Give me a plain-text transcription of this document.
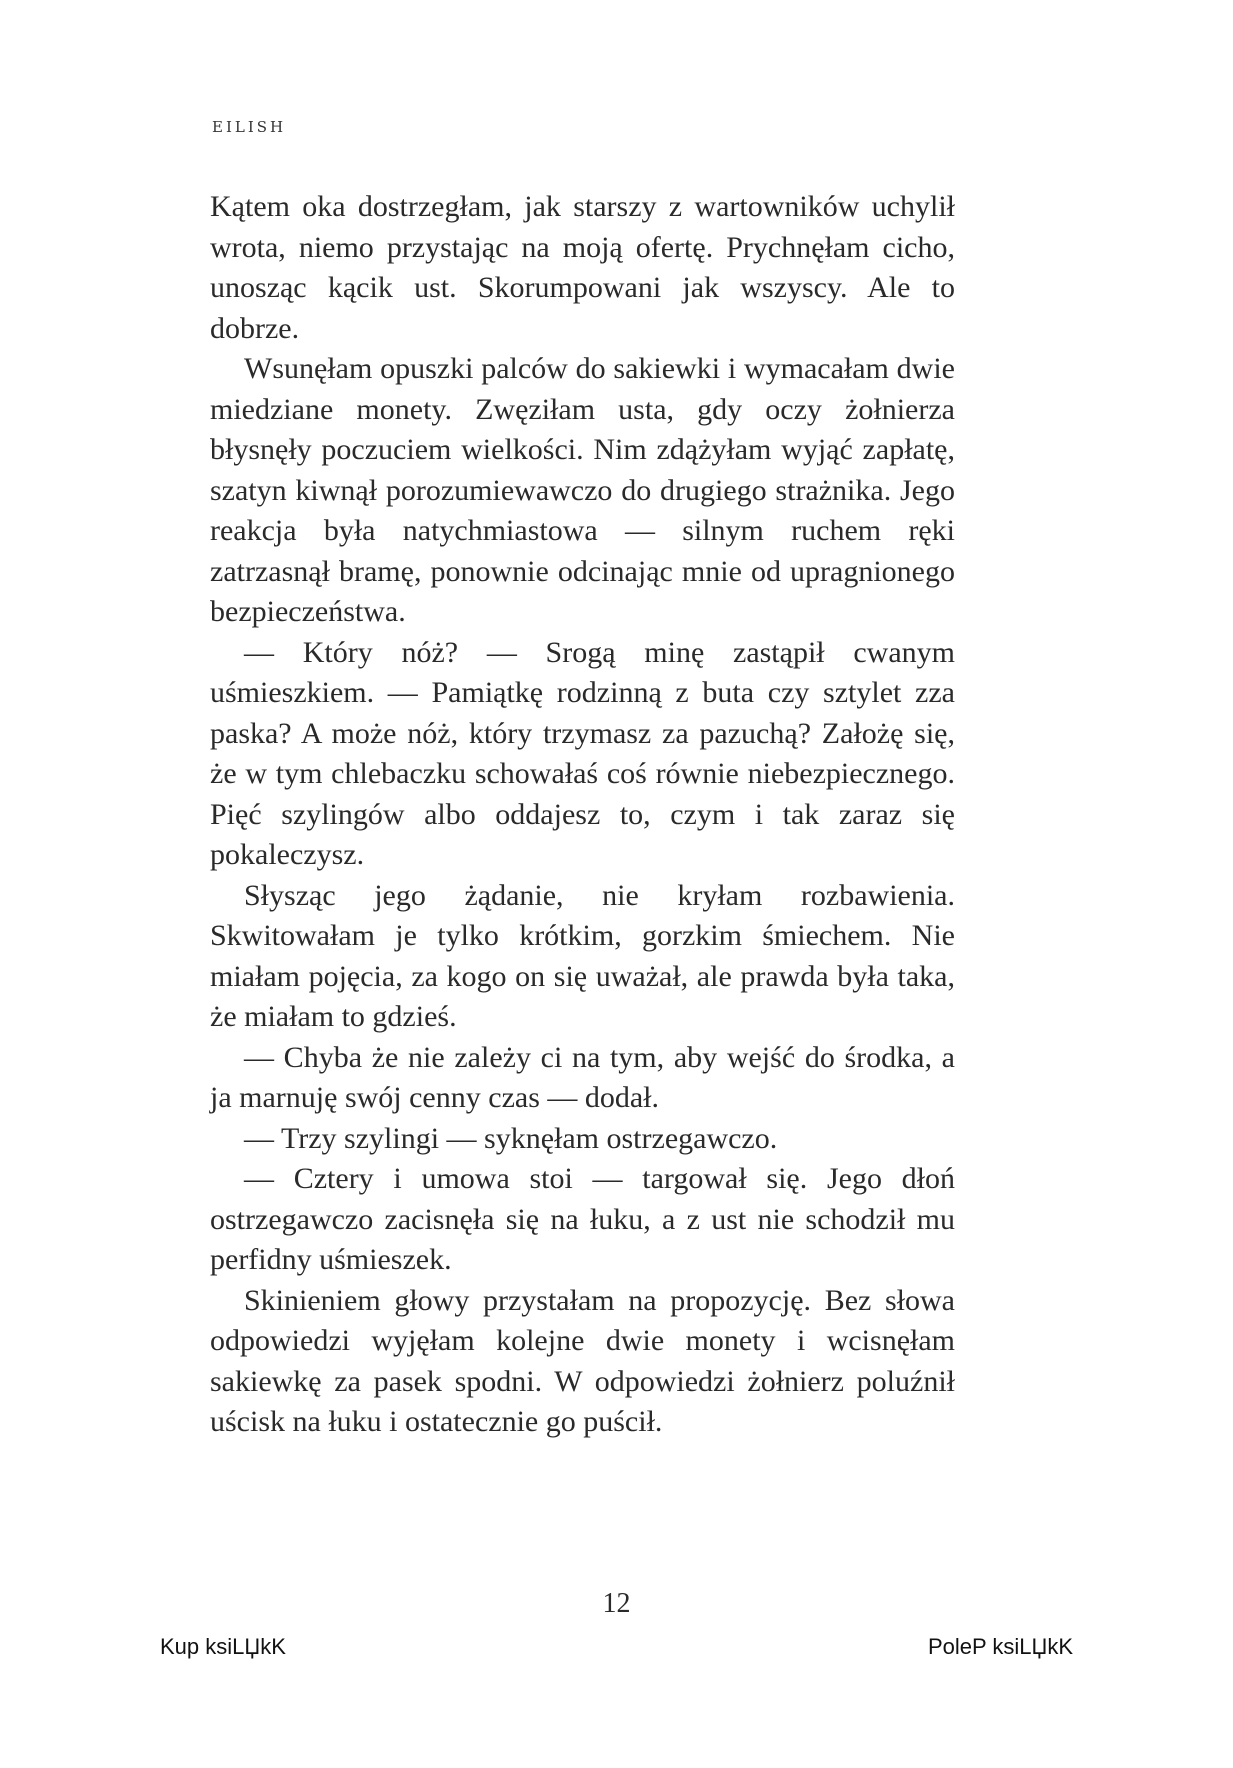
EILISH

Kątem oka dostrzegłam, jak starszy z wartowników uchylił wrota, niemo przystając na moją ofertę. Prychnęłam cicho, unosząc kącik ust. Skorumpowani jak wszyscy. Ale to dobrze.

Wsunęłam opuszki palców do sakiewki i wymacałam dwie miedziane monety. Zwęziłam usta, gdy oczy żołnierza błysnęły poczuciem wielkości. Nim zdążyłam wyjąć zapłatę, szatyn kiwnął porozumiewawczo do drugiego strażnika. Jego reakcja była natychmiastowa — silnym ruchem ręki zatrzasnął bramę, ponownie odcinając mnie od upragnionego bezpieczeństwa.

— Który nóż? — Srogą minę zastąpił cwanym uśmieszkiem. — Pamiątkę rodzinną z buta czy sztylet zza paska? A może nóż, który trzymasz za pazuchą? Założę się, że w tym chlebaczku schowałaś coś równie niebezpiecznego. Pięć szylingów albo oddajesz to, czym i tak zaraz się pokaleczysz.

Słysząc jego żądanie, nie kryłam rozbawienia. Skwitowałam je tylko krótkim, gorzkim śmiechem. Nie miałam pojęcia, za kogo on się uważał, ale prawda była taka, że miałam to gdzieś.

— Chyba że nie zależy ci na tym, aby wejść do środka, a ja marnuję swój cenny czas — dodał.

— Trzy szylingi — syknęłam ostrzegawczo.

— Cztery i umowa stoi — targował się. Jego dłoń ostrzegawczo zacisnęła się na łuku, a z ust nie schodził mu perfidny uśmieszek.

Skinieniem głowy przystałam na propozycję. Bez słowa odpowiedzi wyjęłam kolejne dwie monety i wcisnęłam sakiewkę za pasek spodni. W odpowiedzi żołnierz poluźnił uścisk na łuku i ostatecznie go puścił.

12
Kup ksiLЏkK	PoleP ksiLЏkK
